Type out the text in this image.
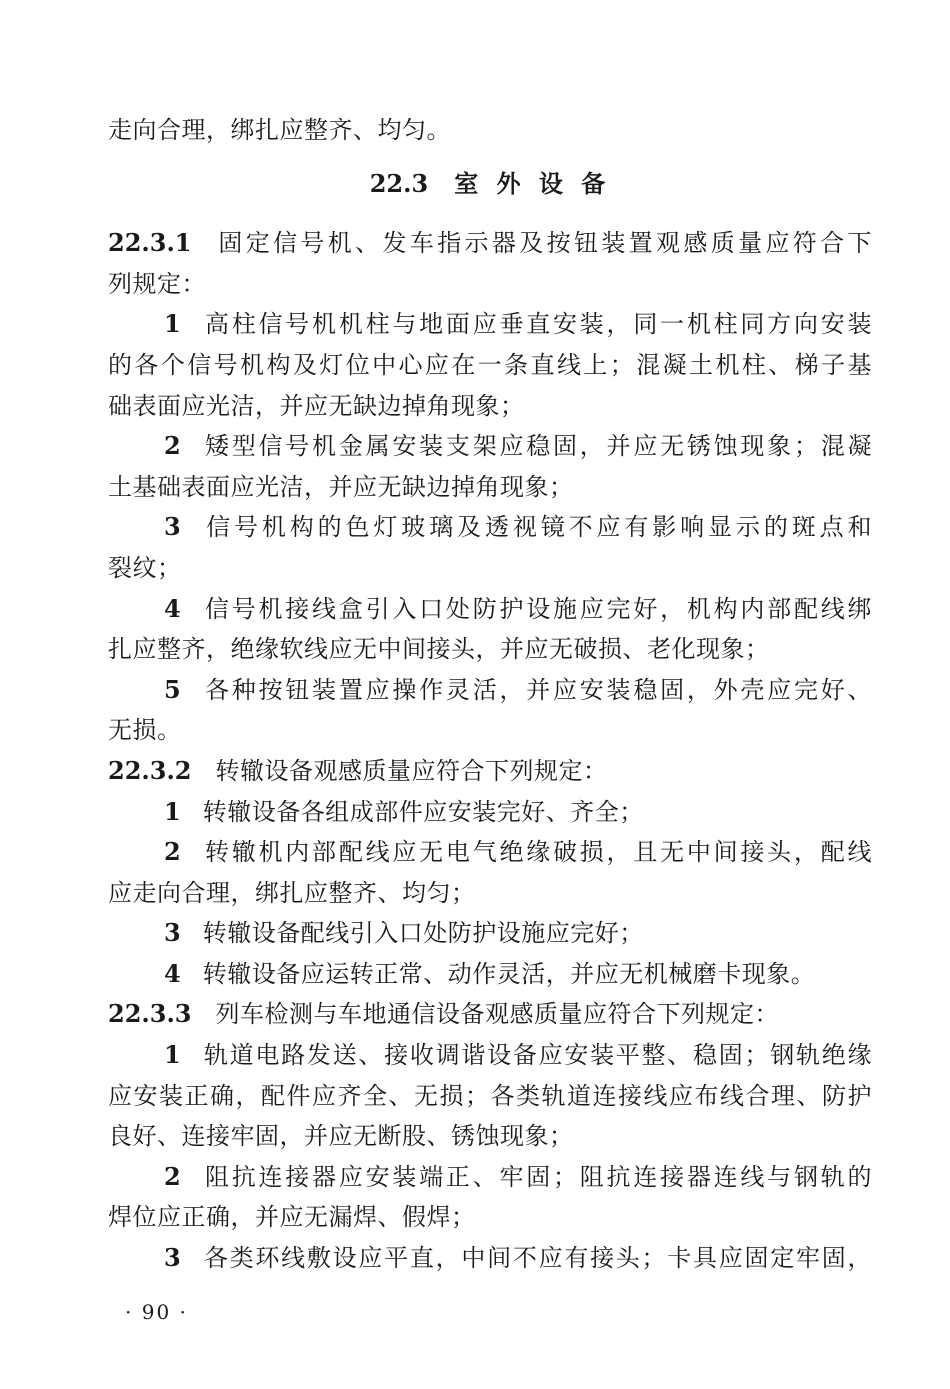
走向合理，绑扎应整齐、均匀。
22.3 室 外 设 备
22.3.1 固定信号机、发车指示器及按钮装置观感质量应符合下
列规定：
1 高柱信号机机柱与地面应垂直安装，同一机柱同方向安装
的各个信号机构及灯位中心应在一条直线上；混凝土机柱、梯子基
础表面应光洁，并应无缺边掉角现象；
2 矮型信号机金属安装支架应稳固，并应无锈蚀现象；混凝
土基础表面应光洁，并应无缺边掉角现象；
3 信号机构的色灯玻璃及透视镜不应有影响显示的斑点和
裂纹；
4 信号机接线盒引入口处防护设施应完好，机构内部配线绑
扎应整齐，绝缘软线应无中间接头，并应无破损、老化现象；
5 各种按钮装置应操作灵活，并应安装稳固，外壳应完好、
无损。
22.3.2 转辙设备观感质量应符合下列规定：
1 转辙设备各组成部件应安装完好、齐全；
2 转辙机内部配线应无电气绝缘破损，且无中间接头，配线
应走向合理，绑扎应整齐、均匀；
3 转辙设备配线引入口处防护设施应完好；
4 转辙设备应运转正常、动作灵活，并应无机械磨卡现象。
22.3.3 列车检测与车地通信设备观感质量应符合下列规定：
1 轨道电路发送、接收调谐设备应安装平整、稳固；钢轨绝缘
应安装正确，配件应齐全、无损；各类轨道连接线应布线合理、防护
良好、连接牢固，并应无断股、锈蚀现象；
2 阻抗连接器应安装端正、牢固；阻抗连接器连线与钢轨的
焊位应正确，并应无漏焊、假焊；
3 各类环线敷设应平直，中间不应有接头；卡具应固定牢固，
· 90 ·
